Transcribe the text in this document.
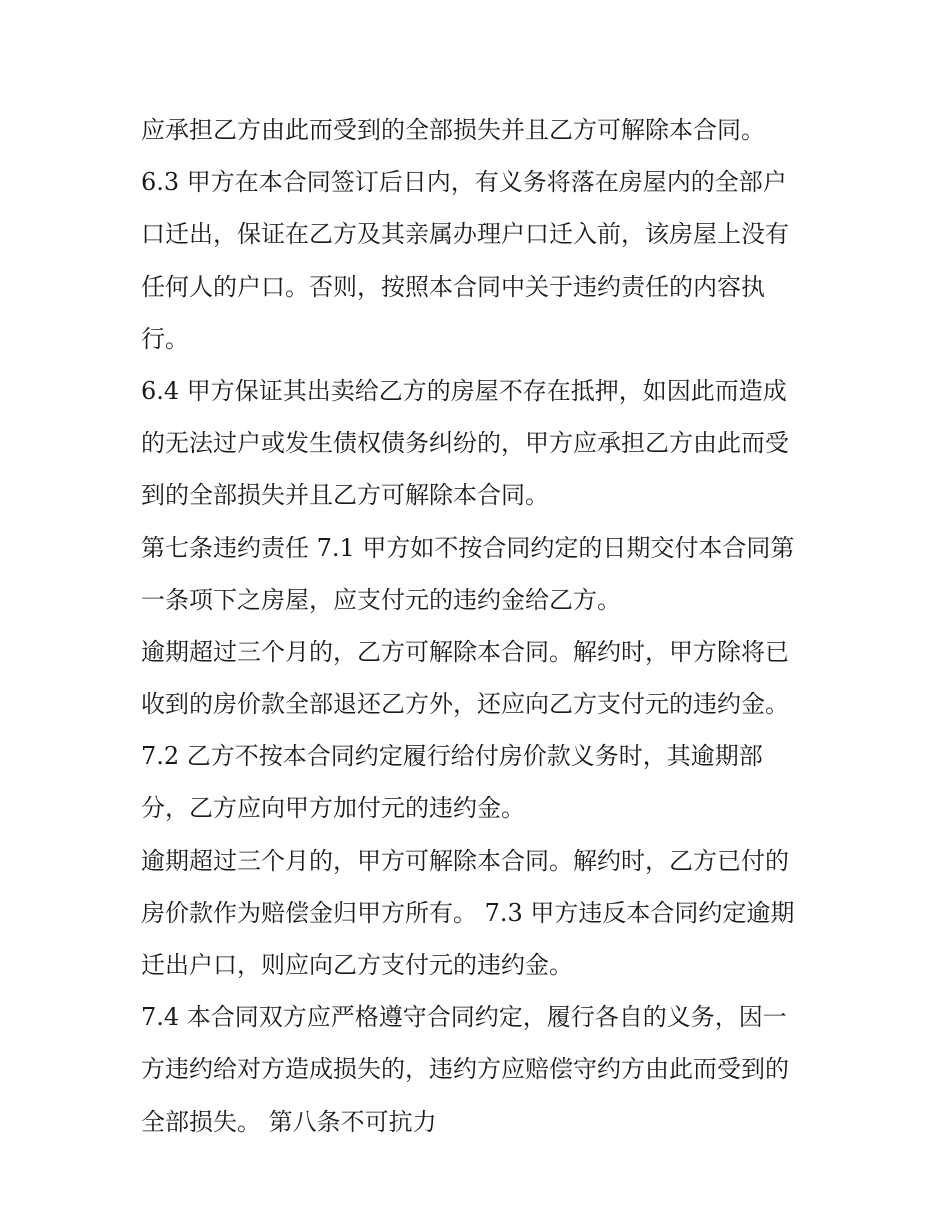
应承担乙方由此而受到的全部损失并且乙方可解除本合同。
6.3 甲方在本合同签订后日内，有义务将落在房屋内的全部户
口迁出，保证在乙方及其亲属办理户口迁入前，该房屋上没有
任何人的户口。否则，按照本合同中关于违约责任的内容执
行。
6.4 甲方保证其出卖给乙方的房屋不存在抵押，如因此而造成
的无法过户或发生债权债务纠纷的，甲方应承担乙方由此而受
到的全部损失并且乙方可解除本合同。
第七条违约责任 7.1 甲方如不按合同约定的日期交付本合同第
一条项下之房屋，应支付元的违约金给乙方。
逾期超过三个月的，乙方可解除本合同。解约时，甲方除将已
收到的房价款全部退还乙方外，还应向乙方支付元的违约金。
7.2 乙方不按本合同约定履行给付房价款义务时，其逾期部
分，乙方应向甲方加付元的违约金。
逾期超过三个月的，甲方可解除本合同。解约时，乙方已付的
房价款作为赔偿金归甲方所有。 7.3 甲方违反本合同约定逾期
迁出户口，则应向乙方支付元的违约金。
7.4 本合同双方应严格遵守合同约定，履行各自的义务，因一
方违约给对方造成损失的，违约方应赔偿守约方由此而受到的
全部损失。 第八条不可抗力
